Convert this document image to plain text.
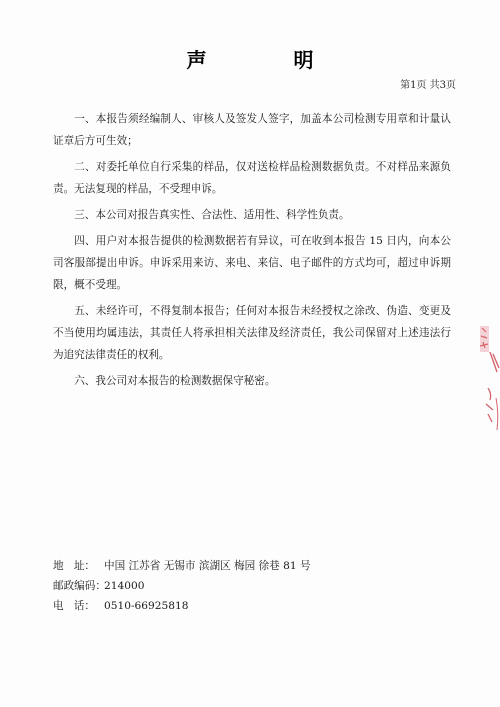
声 明
第1页 共3页

一、本报告须经编制人、审核人及签发人签字，加盖本公司检测专用章和计量认证章后方可生效；

二、对委托单位自行采集的样品，仅对送检样品检测数据负责。不对样品来源负责。无法复现的样品，不受理申诉。

三、本公司对报告真实性、合法性、适用性、科学性负责。

四、用户对本报告提供的检测数据若有异议，可在收到本报告 15 日内，向本公司客服部提出申诉。申诉采用来访、来电、来信、电子邮件的方式均可，超过申诉期限，概不受理。

五、未经许可，不得复制本报告；任何对本报告未经授权之涂改、伪造、变更及不当使用均属违法，其责任人将承担相关法律及经济责任，我公司保留对上述违法行为追究法律责任的权利。

六、我公司对本报告的检测数据保守秘密。

地 址： 中国 江苏省 无锡市 滨湖区 梅园 徐巷 81 号
邮政编码：
214000
电 话： 0510-66925818
